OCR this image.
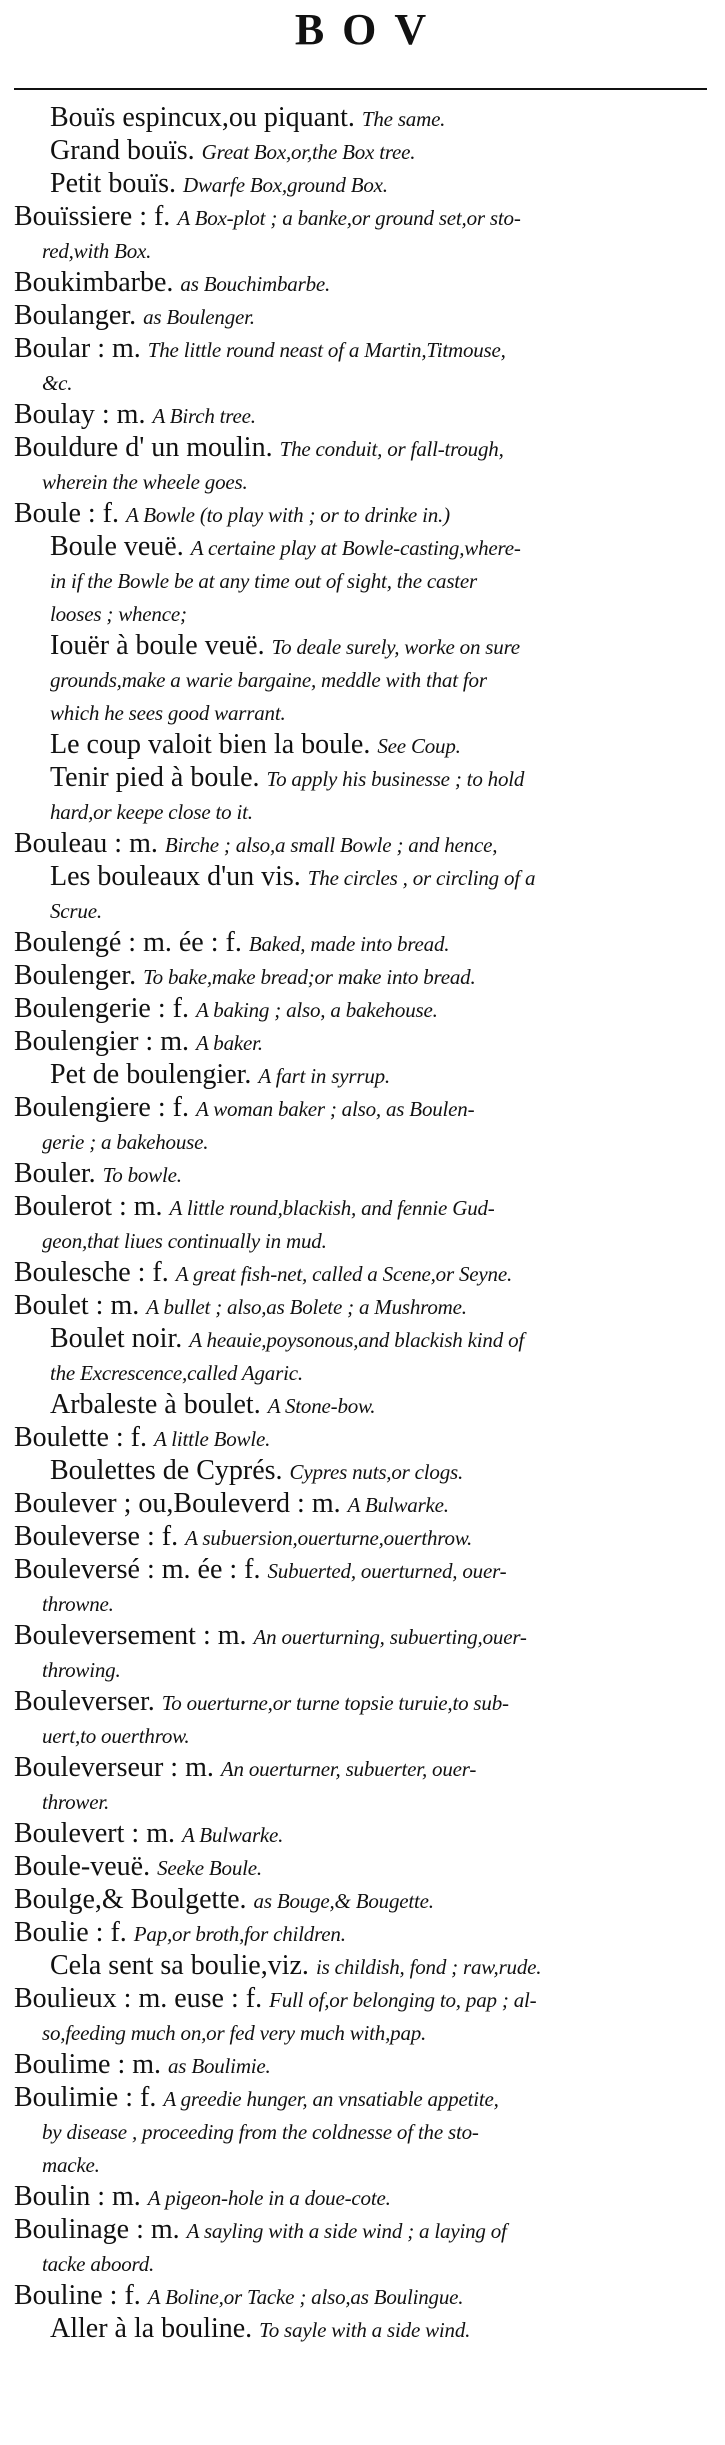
BOV
Bouïs espincux,ou piquant. The same.
Grand bouïs. Great Box,or,the Box tree.
Petit bouïs. Dwarfe Box,ground Box.
Bouïssiere : f. A Box-plot ; a banke,or ground set,or sto-
red,with Box.
Boukimbarbe. as Bouchimbarbe.
Boulanger. as Boulenger.
Boular : m. The little round neast of a Martin,Titmouse,
&c.
Boulay : m. A Birch tree.
Bouldure d' un moulin. The conduit, or fall-trough,
wherein the wheele goes.
Boule : f. A Bowle (to play with ; or to drinke in.)
Boule veuë. A certaine play at Bowle-casting,where-
in if the Bowle be at any time out of sight, the caster
looses ; whence;
Iouër à boule veuë. To deale surely, worke on sure
grounds,make a warie bargaine, meddle with that for
which he sees good warrant.
Le coup valoit bien la boule. See Coup.
Tenir pied à boule. To apply his businesse ; to hold
hard,or keepe close to it.
Bouleau : m. Birche ; also,a small Bowle ; and hence,
Les bouleaux d'un vis. The circles , or circling of a
Scrue.
Boulengé : m. ée : f. Baked, made into bread.
Boulenger. To bake,make bread;or make into bread.
Boulengerie : f. A baking ; also, a bakehouse.
Boulengier : m. A baker.
Pet de boulengier. A fart in syrrup.
Boulengiere : f. A woman baker ; also, as Boulen-
gerie ; a bakehouse.
Bouler. To bowle.
Boulerot : m. A little round,blackish, and fennie Gud-
geon,that liues continually in mud.
Boulesche : f. A great fish-net, called a Scene,or Seyne.
Boulet : m. A bullet ; also,as Bolete ; a Mushrome.
Boulet noir. A heauie,poysonous,and blackish kind of
the Excrescence,called Agaric.
Arbaleste à boulet. A Stone-bow.
Boulette : f. A little Bowle.
Boulettes de Cyprés. Cypres nuts,or clogs.
Boulever ; ou,Bouleverd : m. A Bulwarke.
Bouleverse : f. A subuersion,ouerturne,ouerthrow.
Bouleversé : m. ée : f. Subuerted, ouerturned, ouer-
throwne.
Bouleversement : m. An ouerturning, subuerting,ouer-
throwing.
Bouleverser. To ouerturne,or turne topsie turuie,to sub-
uert,to ouerthrow.
Bouleverseur : m. An ouerturner, subuerter, ouer-
thrower.
Boulevert : m. A Bulwarke.
Boule-veuë. Seeke Boule.
Boulge,& Boulgette. as Bouge,& Bougette.
Boulie : f. Pap,or broth,for children.
Cela sent sa boulie,viz. is childish, fond ; raw,rude.
Boulieux : m. euse : f. Full of,or belonging to, pap ; al-
so,feeding much on,or fed very much with,pap.
Boulime : m. as Boulimie.
Boulimie : f. A greedie hunger, an vnsatiable appetite,
by disease , proceeding from the coldnesse of the sto-
macke.
Boulin : m. A pigeon-hole in a doue-cote.
Boulinage : m. A sayling with a side wind ; a laying of
tacke aboord.
Bouline : f. A Boline,or Tacke ; also,as Boulingue.
Aller à la bouline. To sayle with a side wind.
